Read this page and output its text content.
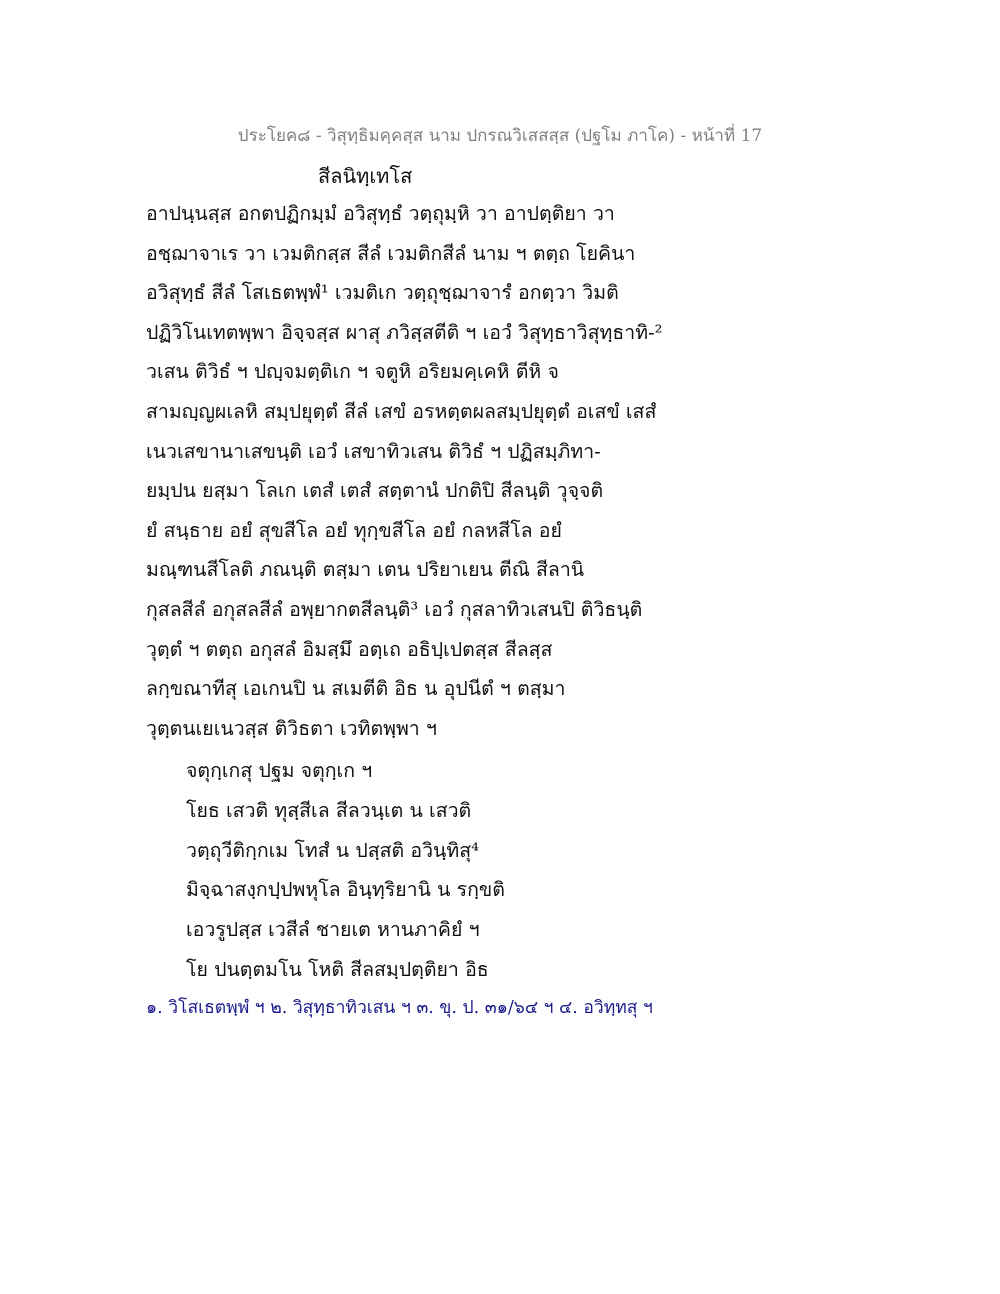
ประโยค๘ - วิสุทฺธิมคฺคสฺส นาม ปกรณวิเสสสฺส (ปฐโม ภาโค) - หน้าที่ 17
สีลนิทฺเทโส
อาปนฺนสฺส อกตปฏิกมฺมํ อวิสุทฺธํ วตฺถุมฺหิ วา อาปตฺติยา วา
อชฺฌาจาเร วา เวมติกสฺส สีลํ เวมติกสีลํ นาม ฯ ตตฺถ โยคินา
อวิสุทฺธํ สีลํ โสเธตพฺพํ¹ เวมติเก วตฺถุชฺฌาจารํ อกตฺวา วิมติ
ปฏิวิโนเทตพฺพา อิจฺจสฺส ผาสุ ภวิสฺสตีติ ฯ เอวํ วิสุทฺธาวิสุทฺธาทิ-²
วเสน ติวิธํ ฯ ปญฺจมตฺติเก ฯ จตูหิ อริยมคฺเคหิ ตีหิ จ
สามญฺญผเลหิ สมฺปยุตฺตํ สีลํ เสขํ อรหตฺตผลสมฺปยุตฺตํ อเสขํ เสสํ
เนวเสขานาเสขนฺติ เอวํ เสขาทิวเสน ติวิธํ ฯ ปฏิสมฺภิทา-
ยมฺปน ยสฺมา โลเก เตสํ เตสํ สตฺตานํ ปกติปิ สีลนฺติ วุจฺจติ
ยํ สนฺธาย อยํ สุขสีโล อยํ ทุกฺขสีโล อยํ กลหสีโล อยํ
มณฺฑนสีโลติ ภณนฺติ ตสฺมา เตน ปริยาเยน ตีณิ สีลานิ
กุสลสีลํ อกุสลสีลํ อพฺยากตสีลนฺติ³ เอวํ กุสลาทิวเสนปิ ติวิธนฺติ
วุตฺตํ ฯ ตตฺถ อกุสลํ อิมสฺมึ อตฺเถ อธิปฺเปตสฺส สีลสฺส
ลกฺขณาทีสุ เอเกนปิ น สเมตีติ อิธ น อุปนีตํ ฯ ตสฺมา
วุตฺตนเยเนวสฺส ติวิธตา เวทิตพฺพา ฯ
จตุกฺเกสุ ปฐม จตุกฺเก ฯ
โยธ เสวติ ทุสฺสีเล สีลวนฺเต น เสวติ
วตฺถุวีติกฺกเม โทสํ น ปสฺสติ อวินฺทิสุ⁴
มิจฺฉาสงฺกปฺปพหุโล อินฺทฺริยานิ น รกฺขติ
เอวรูปสฺส เวสีลํ ชายเต หานภาคิยํ ฯ
โย ปนตฺตมโน โหติ สีลสมฺปตฺติยา อิธ
๑. วิโสเธตพฺพํ ฯ ๒. วิสุทฺธาทิวเสน ฯ ๓. ขุ. ป. ๓๑/๖๔ ฯ ๔. อวิทฺทสุ ฯ
